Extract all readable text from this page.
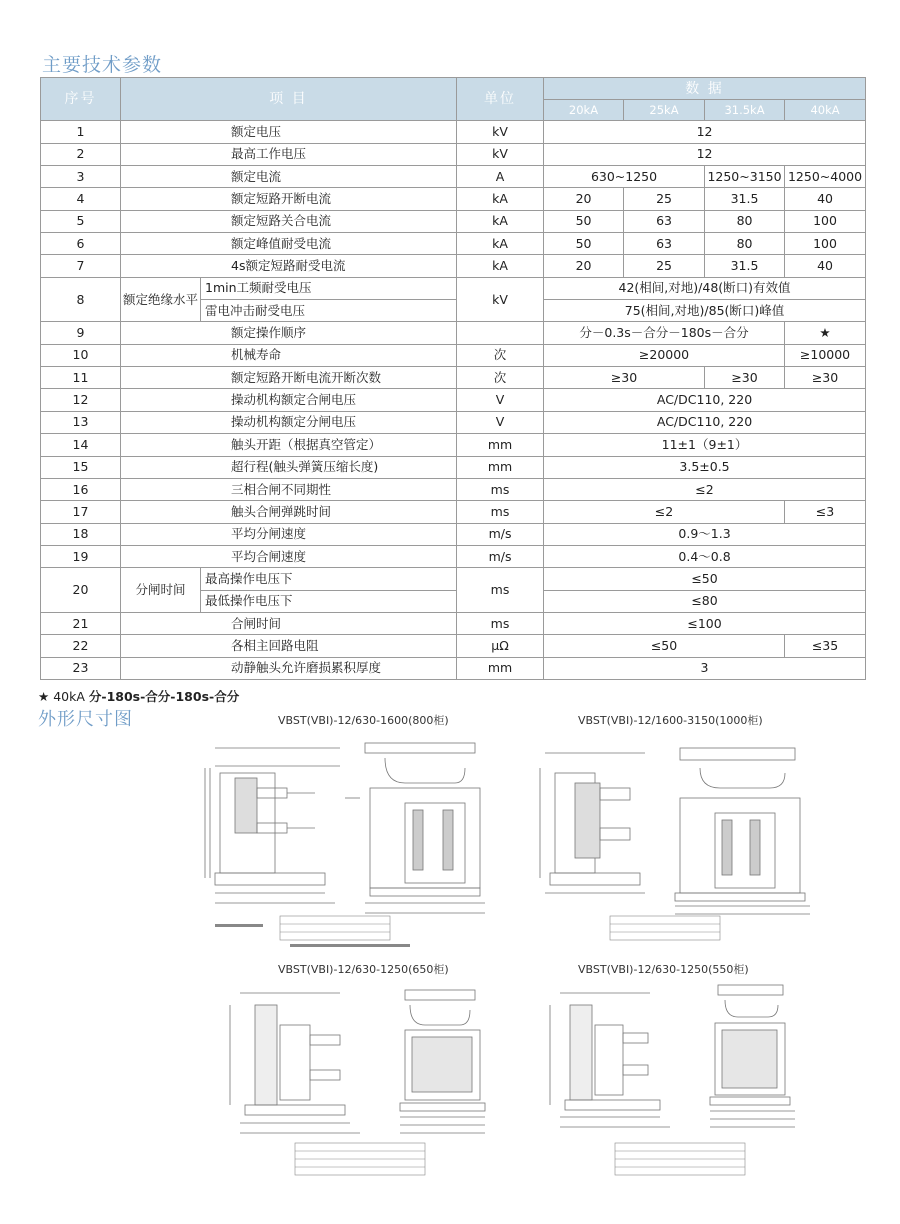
主要技术参数
序号	项 目		单位	数 据			
				20kA	25kA	31.5kA	40kA
1	额定电压		kV	12			
2	最高工作电压		kV	12			
3	额定电流		A	630~1250		1250~3150	1250~4000
4	额定短路开断电流		kA	20	25	31.5	40
5	额定短路关合电流		kA	50	63	80	100
6	额定峰值耐受电流		kA	50	63	80	100
7	4s额定短路耐受电流		kA	20	25	31.5	40
8	额定绝缘水平	1min工频耐受电压	kV	42(相间,对地)/48(断口)有效值			
		雷电冲击耐受电压		75(相间,对地)/85(断口)峰值			
9	额定操作顺序			分－0.3s－合分－180s－合分			★
10	机械寿命		次	≥20000			≥10000
11	额定短路开断电流开断次数		次	≥30		≥30	≥30
12	操动机构额定合闸电压		V	AC/DC110, 220			
13	操动机构额定分闸电压		V	AC/DC110, 220			
14	触头开距（根据真空管定）		mm	11±1（9±1）			
15	超行程(触头弹簧压缩长度)		mm	3.5±0.5			
16	三相合闸不同期性		ms	≤2			
17	触头合闸弹跳时间		ms	≤2			≤3
18	平均分闸速度		m/s	0.9～1.3			
19	平均合闸速度		m/s	0.4～0.8			
20	分闸时间	最高操作电压下	ms	≤50			
		最低操作电压下		≤80			
21	合闸时间		ms	≤100			
22	各相主回路电阻		μΩ	≤50			≤35
23	动静触头允许磨损累积厚度		mm	3			
★ 40kA 分-180s-合分-180s-合分
外形尺寸图	VBST(VBI)-12/630-1600(800柜)	VBST(VBI)-12/1600-3150(1000柜)
VBST(VBI)-12/630-1250(650柜)	VBST(VBI)-12/630-1250(550柜)
